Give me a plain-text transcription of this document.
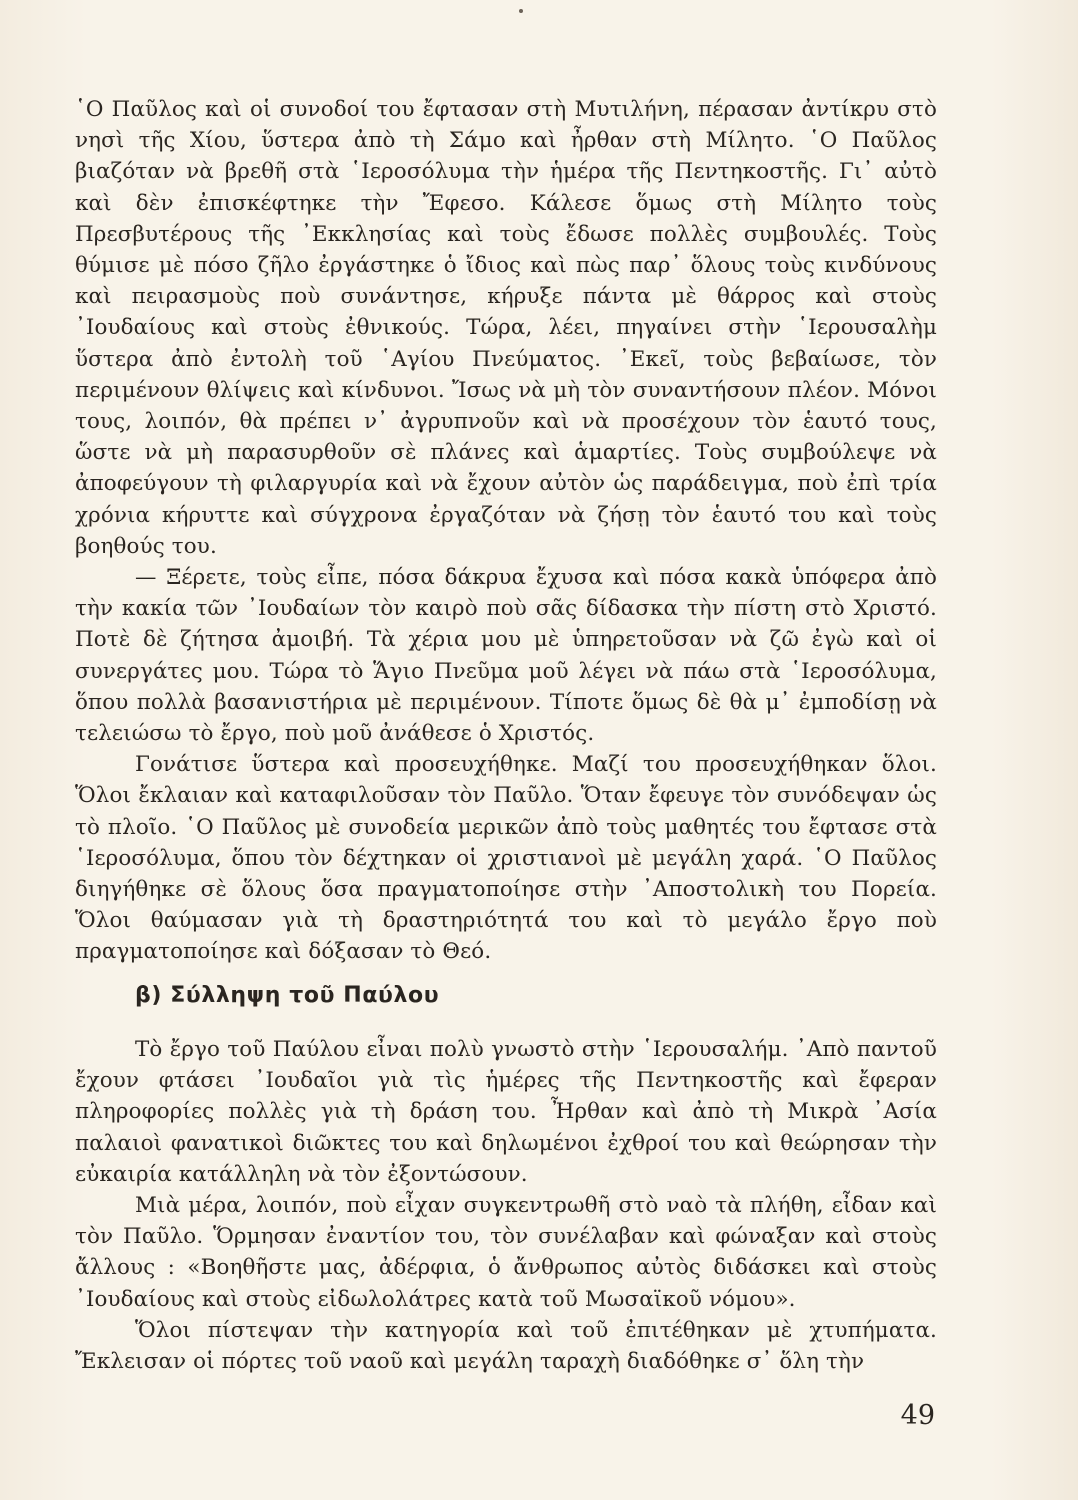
῾Ο Παῦλος καὶ οἱ συνοδοί του ἔφτασαν στὴ Μυτιλήνη, πέρασαν ἀντίκρυ στὸ νησὶ τῆς Χίου, ὕστερα ἀπὸ τὴ Σάμο καὶ ἦρθαν στὴ Μίλητο. ῾Ο Παῦλος βιαζόταν νὰ βρεθῆ στὰ ῾Ιεροσόλυμα τὴν ἡμέρα τῆς Πεντηκοστῆς. Γι᾿ αὐτὸ καὶ δὲν ἐπισκέφτηκε τὴν Ἔφεσο. Κάλεσε ὅμως στὴ Μίλητο τοὺς Πρεσβυτέρους τῆς ᾿Εκκλησίας καὶ τοὺς ἔδωσε πολλὲς συμβουλές. Τοὺς θύμισε μὲ πόσο ζῆλο ἐργάστηκε ὁ ἴδιος καὶ πὼς παρ᾿ ὅλους τοὺς κινδύνους καὶ πειρασμοὺς ποὺ συνάντησε, κήρυξε πάντα μὲ θάρρος καὶ στοὺς ᾿Ιουδαίους καὶ στοὺς ἐθνικούς. Τώρα, λέει, πηγαίνει στὴν ῾Ιερουσαλὴμ ὕστερα ἀπὸ ἐντολὴ τοῦ ῾Αγίου Πνεύματος. ᾿Εκεῖ, τοὺς βεβαίωσε, τὸν περιμένουν θλίψεις καὶ κίνδυνοι. Ἴσως νὰ μὴ τὸν συναντήσουν πλέον. Μόνοι τους, λοιπόν, θὰ πρέπει ν᾿ ἀγρυπνοῦν καὶ νὰ προσέχουν τὸν ἑαυτό τους, ὥστε νὰ μὴ παρασυρθοῦν σὲ πλάνες καὶ ἁμαρτίες. Τοὺς συμβούλεψε νὰ ἀποφεύγουν τὴ φιλαργυρία καὶ νὰ ἔχουν αὐτὸν ὡς παράδειγμα, ποὺ ἐπὶ τρία χρόνια κήρυττε καὶ σύγχρονα ἐργαζόταν νὰ ζήσῃ τὸν ἑαυτό του καὶ τοὺς βοηθούς του.

— Ξέρετε, τοὺς εἶπε, πόσα δάκρυα ἔχυσα καὶ πόσα κακὰ ὑπόφερα ἀπὸ τὴν κακία τῶν ᾿Ιουδαίων τὸν καιρὸ ποὺ σᾶς δίδασκα τὴν πίστη στὸ Χριστό. Ποτὲ δὲ ζήτησα ἀμοιβή. Τὰ χέρια μου μὲ ὑπηρετοῦσαν νὰ ζῶ ἐγὼ καὶ οἱ συνεργάτες μου. Τώρα τὸ Ἅγιο Πνεῦμα μοῦ λέγει νὰ πάω στὰ ῾Ιεροσόλυμα, ὅπου πολλὰ βασανιστήρια μὲ περιμένουν. Τίποτε ὅμως δὲ θὰ μ᾿ ἐμποδίσῃ νὰ τελειώσω τὸ ἔργο, ποὺ μοῦ ἀνάθεσε ὁ Χριστός.

Γονάτισε ὕστερα καὶ προσευχήθηκε. Μαζί του προσευχήθηκαν ὅλοι. Ὅλοι ἔκλαιαν καὶ καταφιλοῦσαν τὸν Παῦλο. Ὅταν ἔφευγε τὸν συνόδεψαν ὡς τὸ πλοῖο. ῾Ο Παῦλος μὲ συνοδεία μερικῶν ἀπὸ τοὺς μαθητές του ἔφτασε στὰ ῾Ιεροσόλυμα, ὅπου τὸν δέχτηκαν οἱ χριστιανοὶ μὲ μεγάλη χαρά. ῾Ο Παῦλος διηγήθηκε σὲ ὅλους ὅσα πραγματοποίησε στὴν ᾿Αποστολικὴ του Πορεία. Ὅλοι θαύμασαν γιὰ τὴ δραστηριότητά του καὶ τὸ μεγάλο ἔργο ποὺ πραγματοποίησε καὶ δόξασαν τὸ Θεό.

β) Σύλληψη τοῦ Παύλου

Τὸ ἔργο τοῦ Παύλου εἶναι πολὺ γνωστὸ στὴν ῾Ιερουσαλήμ. ᾿Απὸ παντοῦ ἔχουν φτάσει ᾿Ιουδαῖοι γιὰ τὶς ἡμέρες τῆς Πεντηκοστῆς καὶ ἔφεραν πληροφορίες πολλὲς γιὰ τὴ δράση του. Ἦρθαν καὶ ἀπὸ τὴ Μικρὰ ᾿Ασία παλαιοὶ φανατικοὶ διῶκτες του καὶ δηλωμένοι ἐχθροί του καὶ θεώρησαν τὴν εὐκαιρία κατάλληλη νὰ τὸν ἐξοντώσουν.

Μιὰ μέρα, λοιπόν, ποὺ εἶχαν συγκεντρωθῆ στὸ ναὸ τὰ πλήθη, εἶδαν καὶ τὸν Παῦλο. Ὅρμησαν ἐναντίον του, τὸν συνέλαβαν καὶ φώναξαν καὶ στοὺς ἄλλους : «Βοηθῆστε μας, ἀδέρφια, ὁ ἄνθρωπος αὐτὸς διδάσκει καὶ στοὺς ᾿Ιουδαίους καὶ στοὺς εἰδωλολάτρες κατὰ τοῦ Μωσαϊκοῦ νόμου».

Ὅλοι πίστεψαν τὴν κατηγορία καὶ τοῦ ἐπιτέθηκαν μὲ χτυπήματα. Ἔκλεισαν οἱ πόρτες τοῦ ναοῦ καὶ μεγάλη ταραχὴ διαδόθηκε σ᾿ ὅλη τὴν

49
